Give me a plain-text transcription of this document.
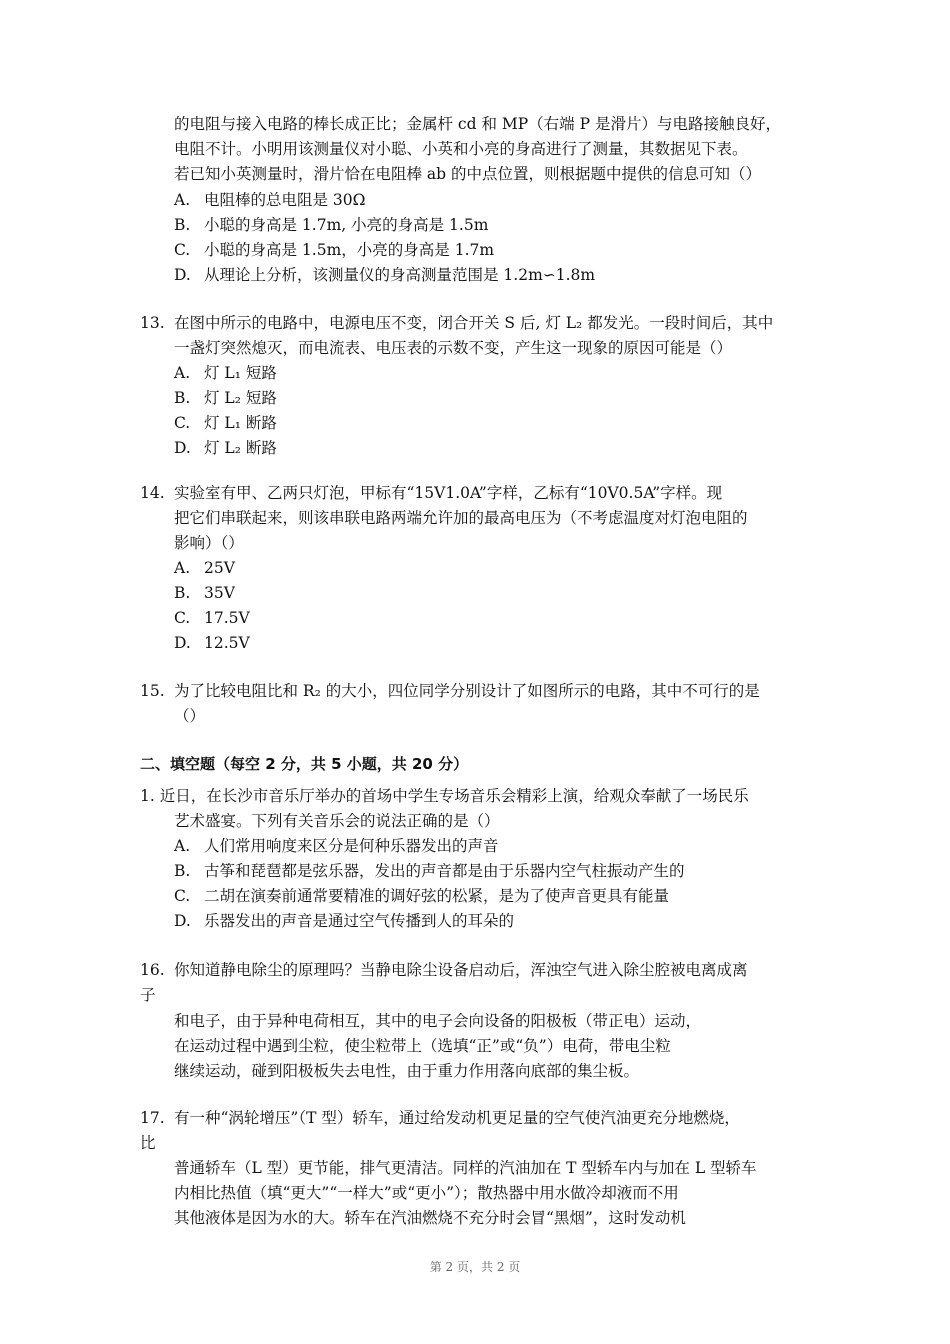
的电阻与接入电路的棒长成正比；金属杆 cd 和 MP（右端 P 是滑片）与电路接触良好，
电阻不计。小明用该测量仪对小聪、小英和小亮的身高进行了测量，其数据见下表。
若已知小英测量时，滑片恰在电阻棒 ab 的中点位置，则根据题中提供的信息可知（）
A. 电阻棒的总电阻是 30Ω
B. 小聪的身高是 1.7m, 小亮的身高是 1.5m
C. 小聪的身高是 1.5m，小亮的身高是 1.7m
D. 从理论上分析，该测量仪的身高测量范围是 1.2m∽1.8m
13. 在图中所示的电路中，电源电压不变，闭合开关 S 后, 灯 L₂ 都发光。一段时间后，其中
一盏灯突然熄灭，而电流表、电压表的示数不变，产生这一现象的原因可能是（）
A. 灯 L₁ 短路
B. 灯 L₂ 短路
C. 灯 L₁ 断路
D. 灯 L₂ 断路
14. 实验室有甲、乙两只灯泡，甲标有“15V1.0A”字样，乙标有“10V0.5A”字样。现
把它们串联起来，则该串联电路两端允许加的最高电压为（不考虑温度对灯泡电阻的
影响）（）
A. 25V
B. 35V
C. 17.5V
D. 12.5V
15. 为了比较电阻比和 R₂ 的大小，四位同学分别设计了如图所示的电路，其中不可行的是
（）
二、填空题（每空 2 分，共 5 小题，共 20 分）
1. 近日，在长沙市音乐厅举办的首场中学生专场音乐会精彩上演，给观众奉献了一场民乐
艺术盛宴。下列有关音乐会的说法正确的是（）
A. 人们常用响度来区分是何种乐器发出的声音
B. 古筝和琵琶都是弦乐器，发出的声音都是由于乐器内空气柱振动产生的
C. 二胡在演奏前通常要精准的调好弦的松紧，是为了使声音更具有能量
D. 乐器发出的声音是通过空气传播到人的耳朵的
16. 你知道静电除尘的原理吗？当静电除尘设备启动后，浑浊空气进入除尘腔被电离成离
子
和电子，由于异种电荷相互，其中的电子会向设备的阳极板（带正电）运动，
在运动过程中遇到尘粒，使尘粒带上（选填“正”或“负”）电荷，带电尘粒
继续运动，碰到阳极板失去电性，由于重力作用落向底部的集尘板。
17. 有一种“涡轮增压”（T 型）轿车，通过给发动机更足量的空气使汽油更充分地燃烧，
比
普通轿车（L 型）更节能，排气更清洁。同样的汽油加在 T 型轿车内与加在 L 型轿车
内相比热值（填“更大”“一样大”或“更小”）；散热器中用水做冷却液而不用
其他液体是因为水的大。轿车在汽油燃烧不充分时会冒“黑烟”，这时发动机
第 2 页，共 2 页
